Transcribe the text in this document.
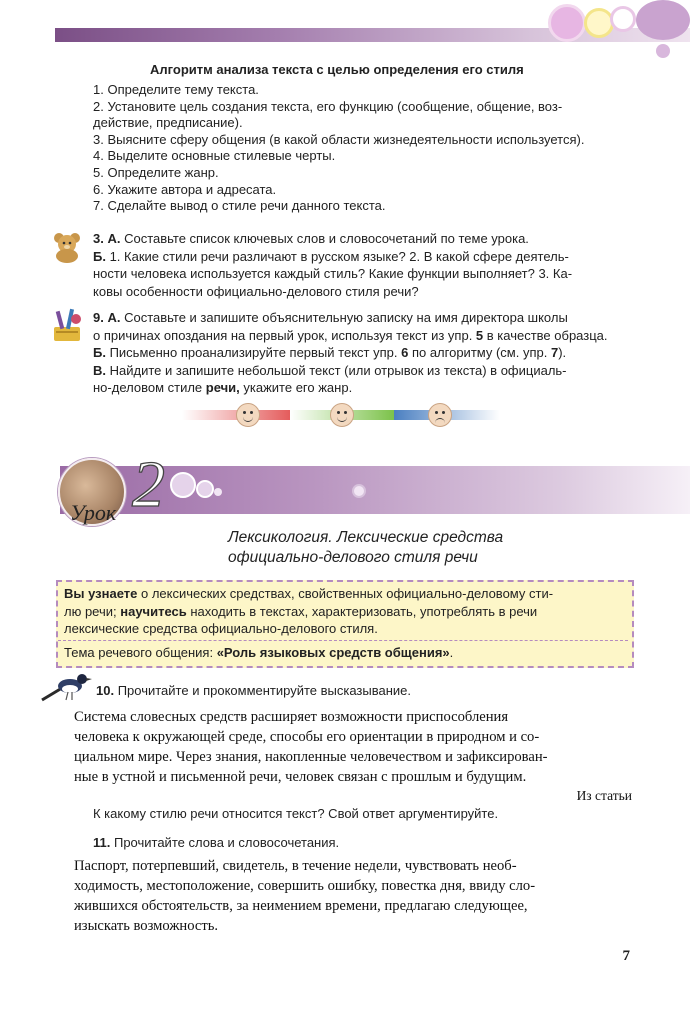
Алгоритм анализа текста с целью определения его стиля
1. Определите тему текста.
2. Установите цель создания текста, его функцию (сообщение, общение, воз-
действие, предписание).
3. Выясните сферу общения (в какой области жизнедеятельности используется).
4. Выделите основные стилевые черты.
5. Определите жанр.
6. Укажите автора и адресата.
7. Сделайте вывод о стиле речи данного текста.
3. А. Составьте список ключевых слов и словосочетаний по теме урока.
Б. 1. Какие стили речи различают в русском языке? 2. В какой сфере деятель-
ности человека используется каждый стиль? Какие функции выполняет? 3. Ка-
ковы особенности официально-делового стиля речи?
9. А. Составьте и запишите объяснительную записку на имя директора школы
о причинах опоздания на первый урок, используя текст из упр. 5 в качестве образца.
Б. Письменно проанализируйте первый текст упр. 6 по алгоритму (см. упр. 7).
В. Найдите и запишите небольшой текст (или отрывок из текста) в официаль-
но-деловом стиле речи, укажите его жанр.
Урок 2
Лексикология. Лексические средства
официально-делового стиля речи
Вы узнаете о лексических средствах, свойственных официально-деловому сти-
лю речи; научитесь находить в текстах, характеризовать, употреблять в речи
лексические средства официально-делового стиля.
Тема речевого общения: «Роль языковых средств общения».
10. Прочитайте и прокомментируйте высказывание.
Система словесных средств расширяет возможности приспособления
человека к окружающей среде, способы его ориентации в природном и со-
циальном мире. Через знания, накопленные человечеством и зафиксирован-
ные в устной и письменной речи, человек связан с прошлым и будущим.
Из статьи
К какому стилю речи относится текст? Свой ответ аргументируйте.
11. Прочитайте слова и словосочетания.
Паспорт, потерпевший, свидетель, в течение недели, чувствовать необ-
ходимость, местоположение, совершить ошибку, повестка дня, ввиду сло-
жившихся обстоятельств, за неимением времени, предлагаю следующее,
изыскать возможность.
7
